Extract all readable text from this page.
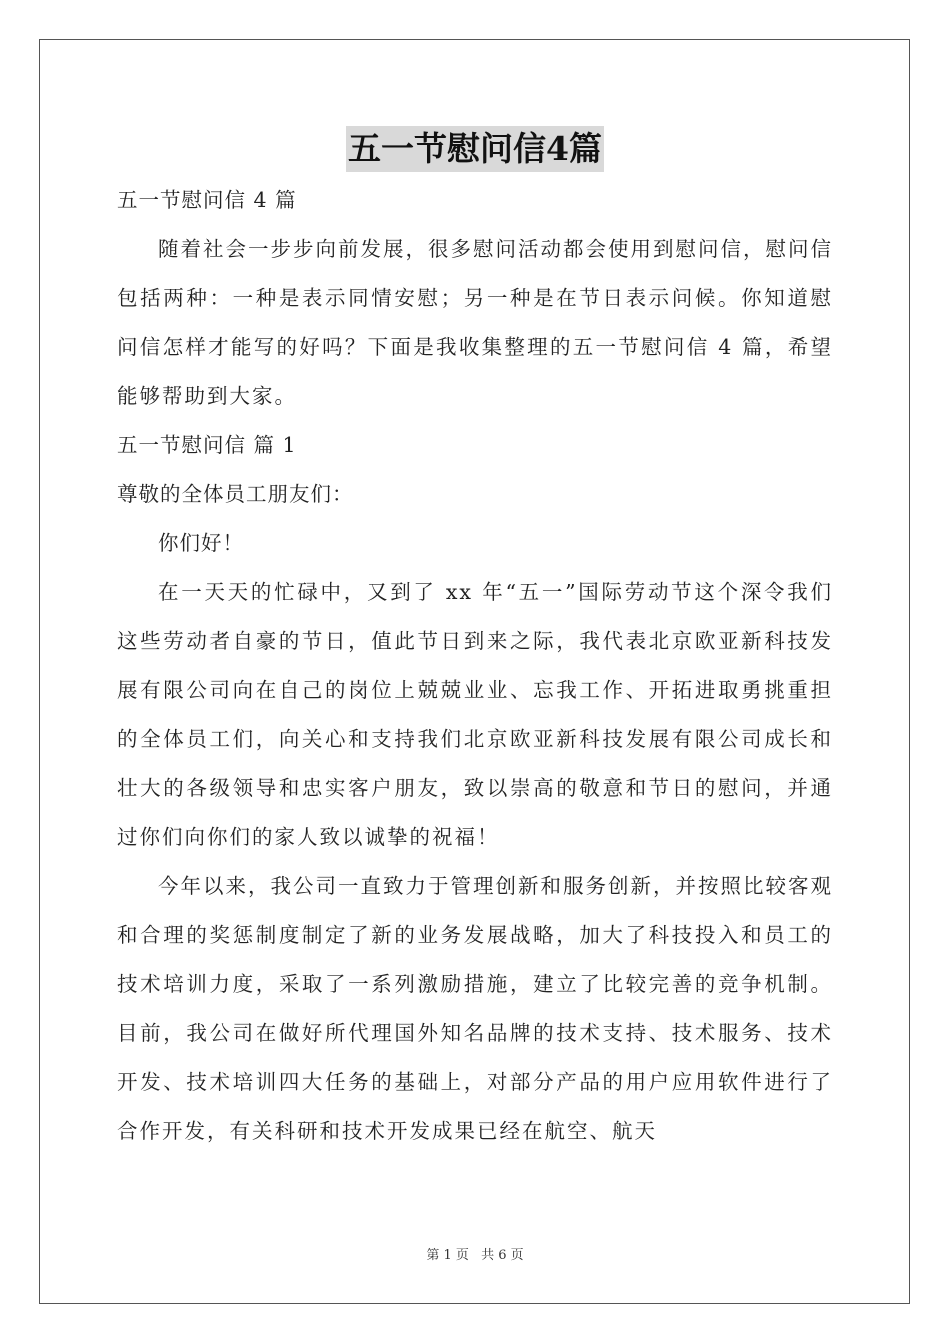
五一节慰问信4篇
五一节慰问信 4 篇
随着社会一步步向前发展，很多慰问活动都会使用到慰问信，慰问信包括两种：一种是表示同情安慰；另一种是在节日表示问候。你知道慰问信怎样才能写的好吗？下面是我收集整理的五一节慰问信 4 篇，希望能够帮助到大家。
五一节慰问信 篇 1
尊敬的全体员工朋友们：
你们好！
在一天天的忙碌中，又到了 xx 年“五一”国际劳动节这个深令我们这些劳动者自豪的节日，值此节日到来之际，我代表北京欧亚新科技发展有限公司向在自己的岗位上兢兢业业、忘我工作、开拓进取勇挑重担的全体员工们，向关心和支持我们北京欧亚新科技发展有限公司成长和壮大的各级领导和忠实客户朋友，致以崇高的敬意和节日的慰问，并通过你们向你们的家人致以诚挚的祝福！
今年以来，我公司一直致力于管理创新和服务创新，并按照比较客观和合理的奖惩制度制定了新的业务发展战略，加大了科技投入和员工的技术培训力度，采取了一系列激励措施，建立了比较完善的竞争机制。目前，我公司在做好所代理国外知名品牌的技术支持、技术服务、技术开发、技术培训四大任务的基础上，对部分产品的用户应用软件进行了合作开发，有关科研和技术开发成果已经在航空、航天
第 1 页 共 6 页
